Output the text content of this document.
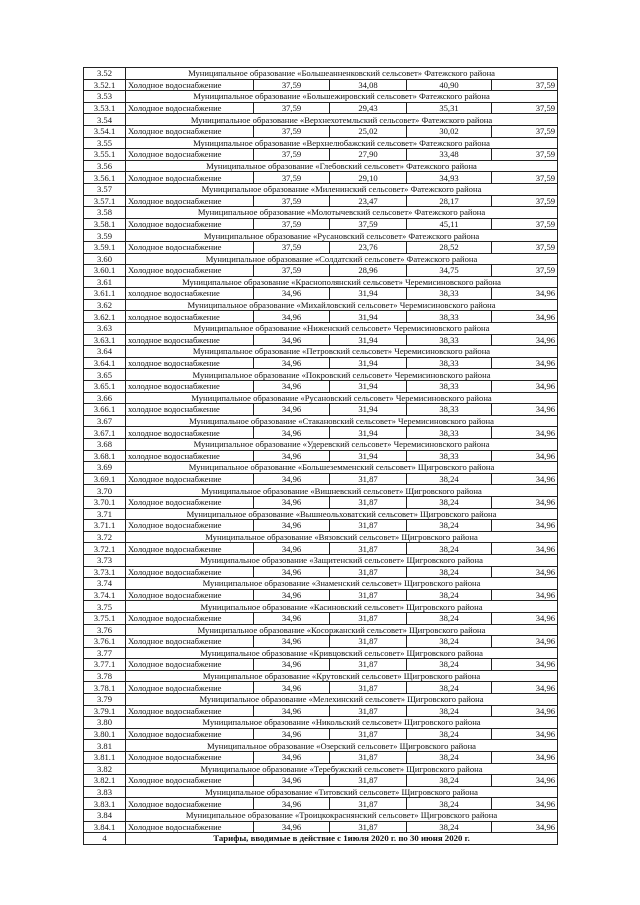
3.52	Муниципальное образование «Большеанненковский сельсовет» Фатежского района				
3.52.1	Холодное водоснабжение	37,59	34,08	40,90	37,59
3.53	Муниципальное образование «Большежировский сельсовет» Фатежского района				
3.53.1	Холодное водоснабжение	37,59	29,43	35,31	37,59
3.54	Муниципальное образование «Верхнехотемльский сельсовет» Фатежского района				
3.54.1	Холодное водоснабжение	37,59	25,02	30,02	37,59
3.55	Муниципальное образование «Верхнелюбажский сельсовет» Фатежского района				
3.55.1	Холодное водоснабжение	37,59	27,90	33,48	37,59
3.56	Муниципальное образование «Глебовский сельсовет» Фатежского района				
3.56.1	Холодное водоснабжение	37,59	29,10	34,93	37,59
3.57	Муниципальное образование «Миленинский сельсовет» Фатежского района				
3.57.1	Холодное водоснабжение	37,59	23,47	28,17	37,59
3.58	Муниципальное образование «Молотычевский сельсовет» Фатежского района				
3.58.1	Холодное водоснабжение	37,59	37,59	45,11	37,59
3.59	Муниципальное образование «Русановский сельсовет» Фатежского района				
3.59.1	Холодное водоснабжение	37,59	23,76	28,52	37,59
3.60	Муниципальное образование «Солдатский сельсовет» Фатежского района				
3.60.1	Холодное водоснабжение	37,59	28,96	34,75	37,59
3.61	Муниципальное образование «Краснополянский сельсовет» Черемисиновского района				
3.61.1	холодное водоснабжение	34,96	31,94	38,33	34,96
3.62	Муниципальное образование «Михайловский сельсовет» Черемисиновского района				
3.62.1	холодное водоснабжение	34,96	31,94	38,33	34,96
3.63	Муниципальное образование «Ниженский сельсовет» Черемисиновского района				
3.63.1	холодное водоснабжение	34,96	31,94	38,33	34,96
3.64	Муниципальное образование «Петровский сельсовет» Черемисиновского района				
3.64.1	холодное водоснабжение	34,96	31,94	38,33	34,96
3.65	Муниципальное образование «Покровский сельсовет» Черемисиновского района				
3.65.1	холодное водоснабжение	34,96	31,94	38,33	34,96
3.66	Муниципальное образование «Русановский сельсовет» Черемисиновского района				
3.66.1	холодное водоснабжение	34,96	31,94	38,33	34,96
3.67	Муниципальное образование «Стакановский сельсовет» Черемисиновского района				
3.67.1	холодное водоснабжение	34,96	31,94	38,33	34,96
3.68	Муниципальное образование «Удеревский сельсовет» Черемисиновского района				
3.68.1	холодное водоснабжение	34,96	31,94	38,33	34,96
3.69	Муниципальное образование «Большеземменский сельсовет» Щигровского района				
3.69.1	Холодное водоснабжение	34,96	31,87	38,24	34,96
3.70	Муниципальное образование «Вишневский сельсовет» Щигровского района				
3.70.1	Холодное водоснабжение	34,96	31,87	38,24	34,96
3.71	Муниципальное образование «Вышнеольховатский сельсовет» Щигровского района				
3.71.1	Холодное водоснабжение	34,96	31,87	38,24	34,96
3.72	Муниципальное образование «Вязовский сельсовет» Щигровского района				
3.72.1	Холодное водоснабжение	34,96	31,87	38,24	34,96
3.73	Муниципальное образование «Защитенский сельсовет» Щигровского района				
3.73.1	Холодное водоснабжение	34,96	31,87	38,24	34,96
3.74	Муниципальное образование «Знаменский сельсовет» Щигровского района				
3.74.1	Холодное водоснабжение	34,96	31,87	38,24	34,96
3.75	Муниципальное образование «Касиновский сельсовет» Щигровского района				
3.75.1	Холодное водоснабжение	34,96	31,87	38,24	34,96
3.76	Муниципальное образование «Косоржанский сельсовет» Щигровского района				
3.76.1	Холодное водоснабжение	34,96	31,87	38,24	34,96
3.77	Муниципальное образование «Кривцовский сельсовет» Щигровского района				
3.77.1	Холодное водоснабжение	34,96	31,87	38,24	34,96
3.78	Муниципальное образование «Крутовский сельсовет» Щигровского района				
3.78.1	Холодное водоснабжение	34,96	31,87	38,24	34,96
3.79	Муниципальное образование «Мелехинский сельсовет» Щигровского района				
3.79.1	Холодное водоснабжение	34,96	31,87	38,24	34,96
3.80	Муниципальное образование «Никольский сельсовет» Щигровского района				
3.80.1	Холодное водоснабжение	34,96	31,87	38,24	34,96
3.81	Муниципальное образование «Озерский сельсовет» Щигровского района				
3.81.1	Холодное водоснабжение	34,96	31,87	38,24	34,96
3.82	Муниципальное образование «Теребужский сельсовет» Щигровского района				
3.82.1	Холодное водоснабжение	34,96	31,87	38,24	34,96
3.83	Муниципальное образование «Титовский сельсовет» Щигровского района				
3.83.1	Холодное водоснабжение	34,96	31,87	38,24	34,96
3.84	Муниципальное образование «Троицкокраснянский сельсовет» Щигровского района				
3.84.1	Холодное водоснабжение	34,96	31,87	38,24	34,96
4	Тарифы, вводимые в действие с 1июля 2020 г. по 30 июня 2020 г.				
